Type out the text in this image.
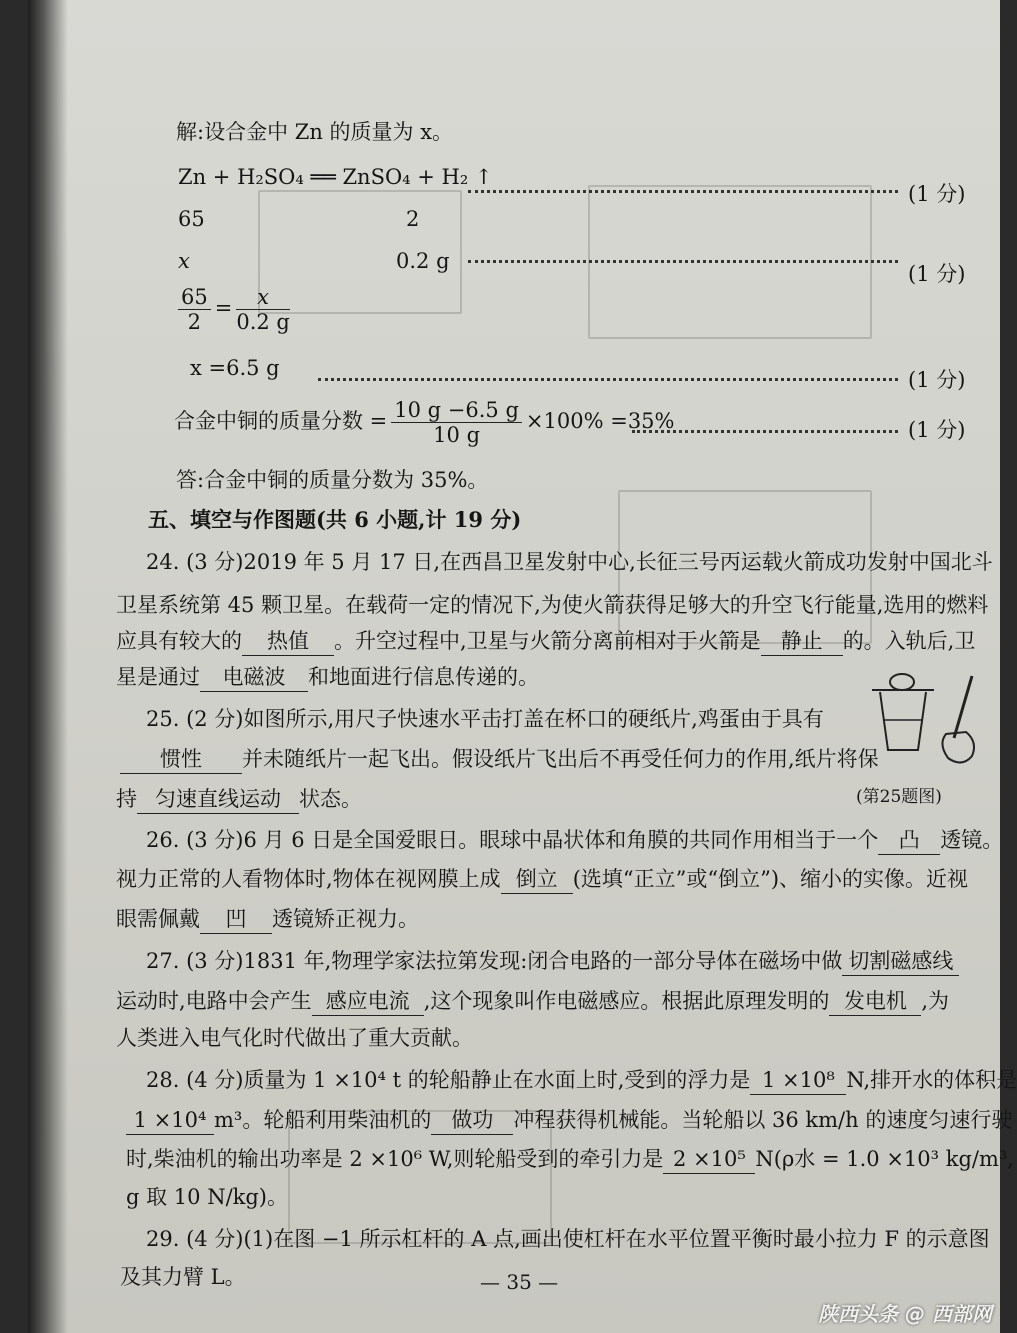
解:设合金中 Zn 的质量为 x。
Zn + H₂SO₄ ══ ZnSO₄ + H₂ ↑
(1 分)
65	2
x	0.2 g
(1 分)
$\frac{65}{2} = \frac{x}{0.2 g}$
x =6.5 g	(1 分)
合金中铜的质量分数 = $\frac{10 g -6.5 g}{10 g} \times 100\% =35\%$	(1 分)
答:合金中铜的质量分数为 35%。
五、填空与作图题(共 6 小题,计 19 分)
24. (3 分)2019 年 5 月 17 日,在西昌卫星发射中心,长征三号丙运载火箭成功发射中国北斗
卫星系统第 45 颗卫星。在载荷一定的情况下,为使火箭获得足够大的升空飞行能量,选用的燃料
应具有较大的 热值 。升空过程中,卫星与火箭分离前相对于火箭是 静止 的。入轨后,卫
星是通过 电磁波 和地面进行信息传递的。
25. (2 分)如图所示,用尺子快速水平击打盖在杯口的硬纸片,鸡蛋由于具有
惯性 并未随纸片一起飞出。假设纸片飞出后不再受任何力的作用,纸片将保
持 匀速直线运动 状态。	(第25题图)
26. (3 分)6 月 6 日是全国爱眼日。眼球中晶状体和角膜的共同作用相当于一个 凸 透镜。
视力正常的人看物体时,物体在视网膜上成 倒立 (选填“正立”或“倒立”)、缩小的实像。近视
眼需佩戴 凹 透镜矫正视力。
27. (3 分)1831 年,物理学家法拉第发现:闭合电路的一部分导体在磁场中做 切割磁感线
运动时,电路中会产生 感应电流 ,这个现象叫作电磁感应。根据此原理发明的 发电机 ,为
人类进入电气化时代做出了重大贡献。
28. (4 分)质量为 1 ×10⁴ t 的轮船静止在水面上时,受到的浮力是 1 ×10⁸ N,排开水的体积是
1 ×10⁴ m³。轮船利用柴油机的 做功 冲程获得机械能。当轮船以 36 km/h 的速度匀速行驶
时,柴油机的输出功率是 2 ×10⁶ W,则轮船受到的牵引力是 2 ×10⁵ N(ρ水 = 1.0 ×10³ kg/m³,
g 取 10 N/kg)。
29. (4 分)(1)在图 −1 所示杠杆的 A 点,画出使杠杆在水平位置平衡时最小拉力 F 的示意图
及其力臂 L。	— 35 —
陕西头条 @ 西部网
